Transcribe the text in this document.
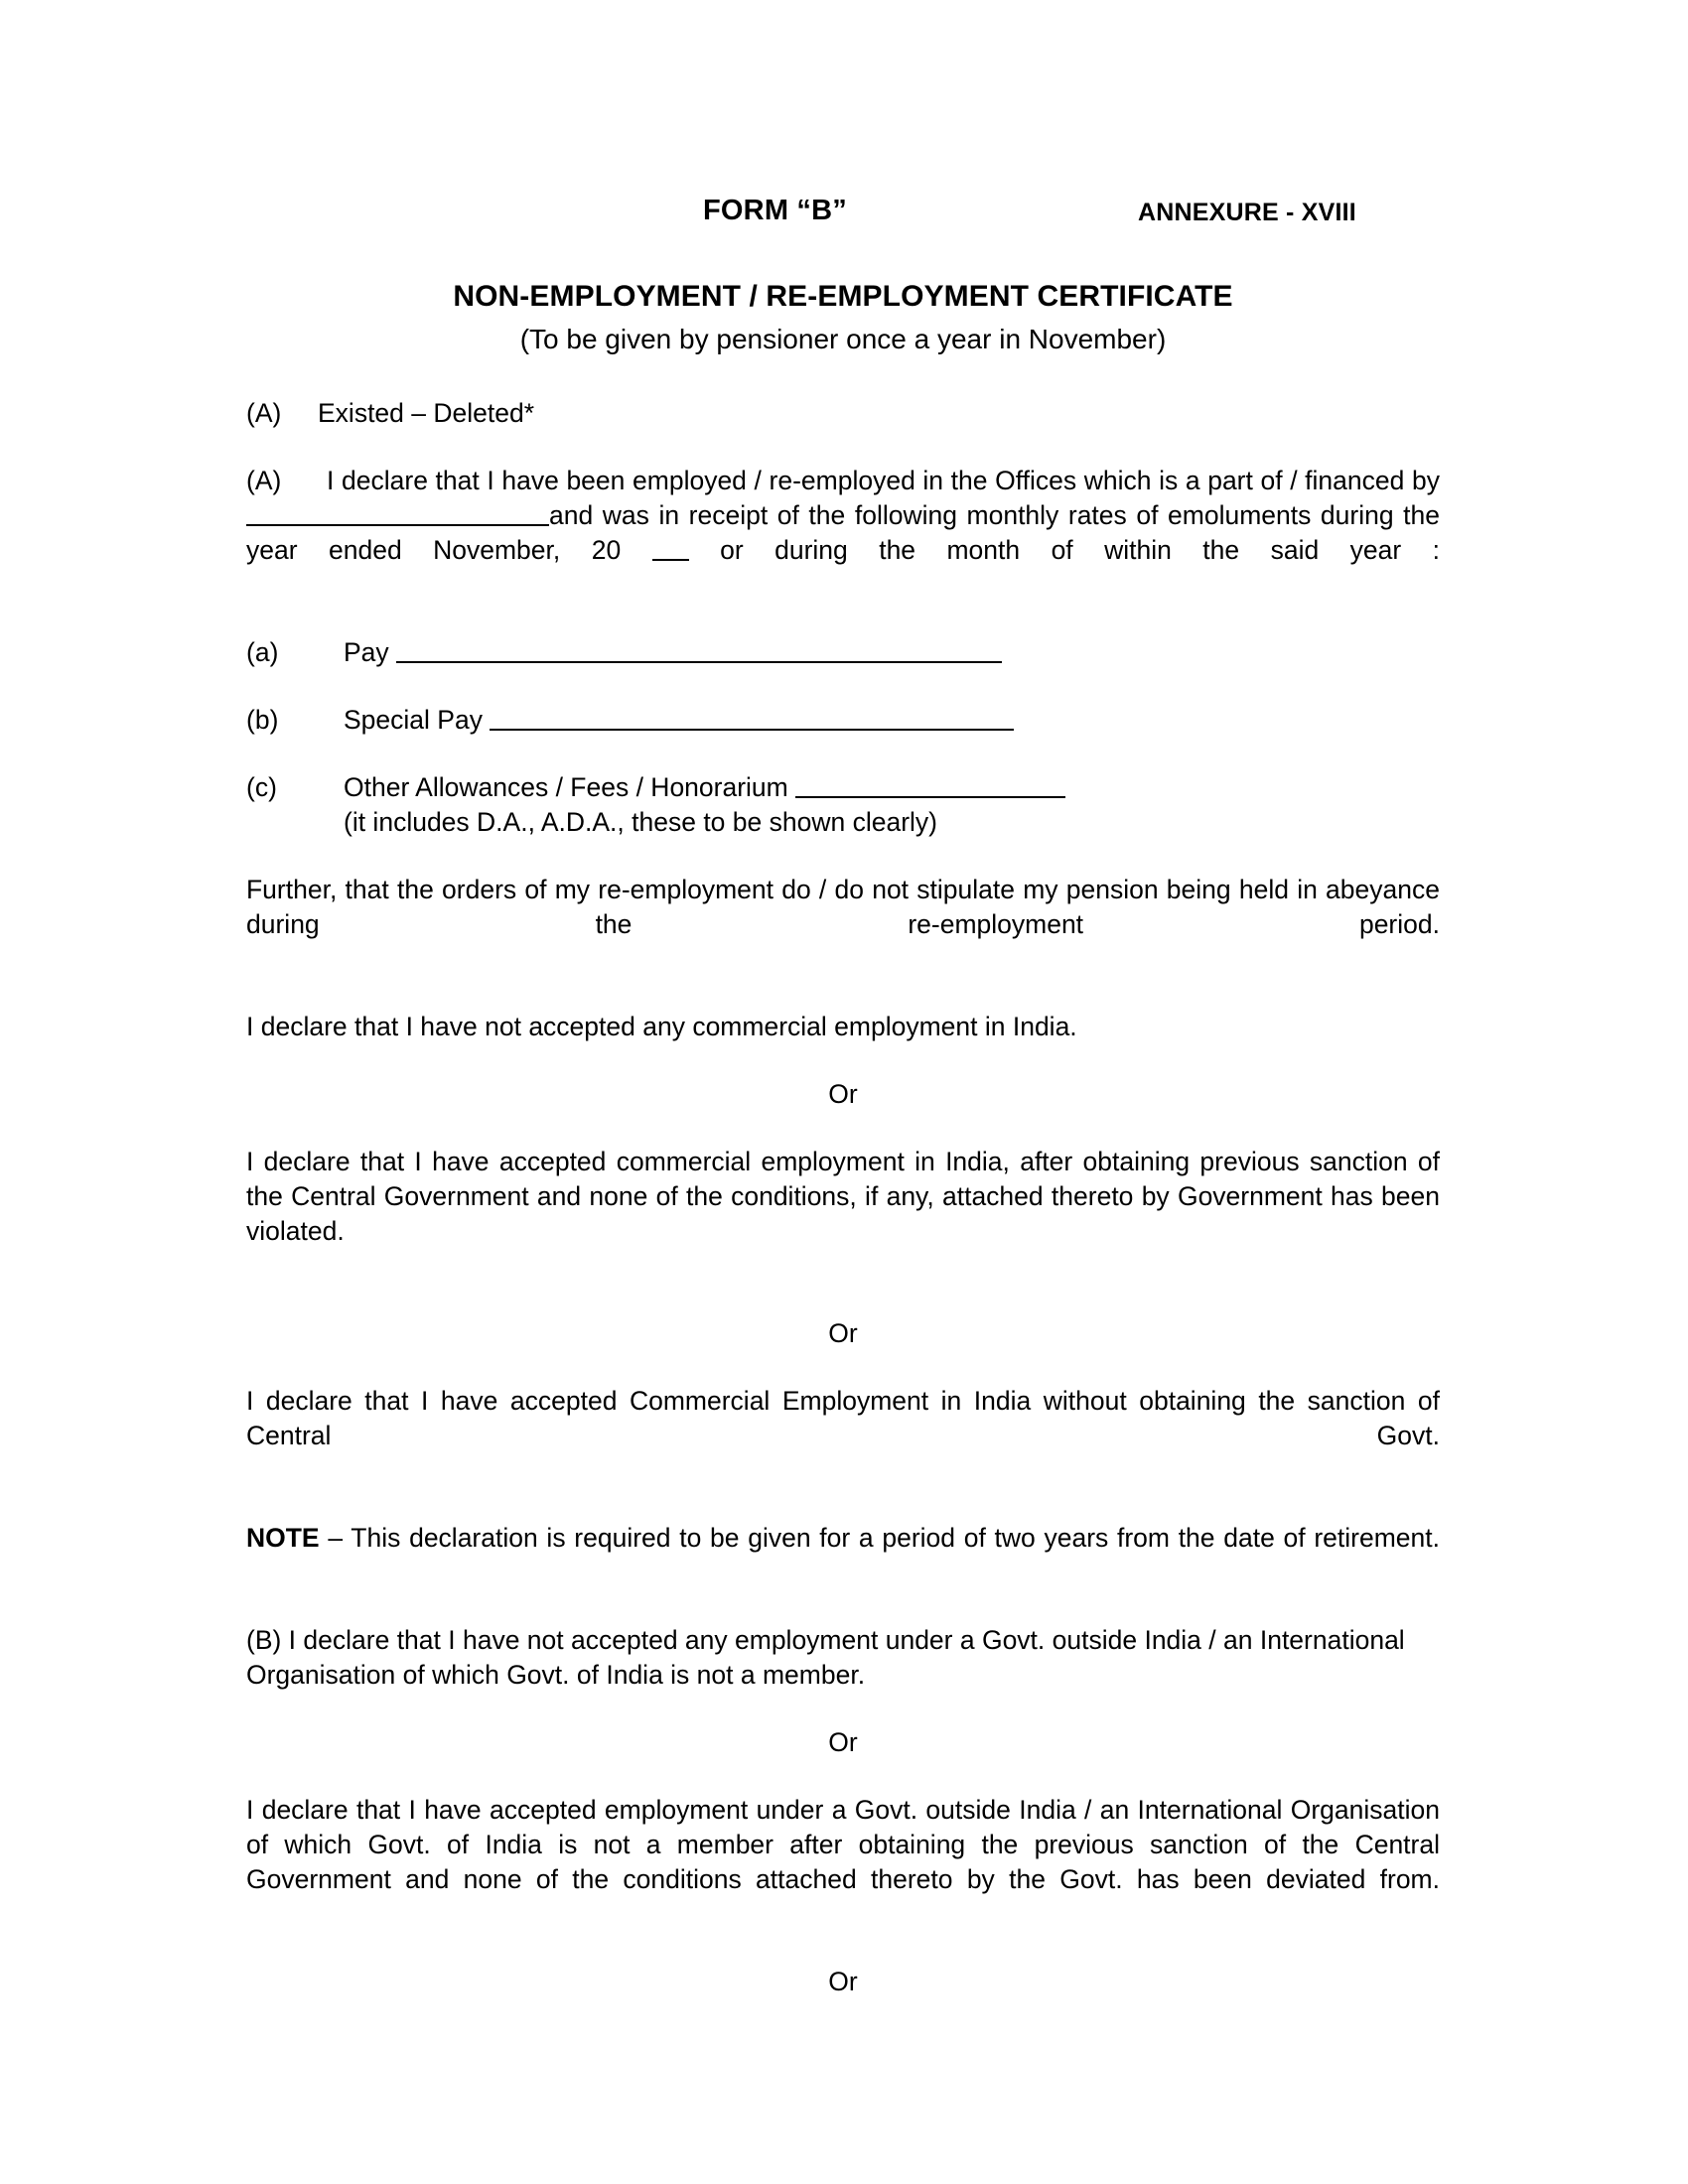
FORM “B”	ANNEXURE - XVIII
NON-EMPLOYMENT / RE-EMPLOYMENT CERTIFICATE
(To be given by pensioner once a year in November)
(A) Existed – Deleted*

(A) I declare that I have been employed / re-employed in the Offices which is a part of / financed by and was in receipt of the following monthly rates of emoluments during the year ended November, 20	or during the month of within the said year :

(a)	Pay
(b)	Special Pay
(c)	Other Allowances / Fees / Honorarium
(it includes D.A., A.D.A., these to be shown clearly)

Further, that the orders of my re-employment do / do not stipulate my pension being held in abeyance during the re-employment period.

I declare that I have not accepted any commercial employment in India.

Or

I declare that I have accepted commercial employment in India, after obtaining previous sanction of the Central Government and none of the conditions, if any, attached thereto by Government has been violated.

Or

I declare that I have accepted Commercial Employment in India without obtaining the sanction of Central Govt.

NOTE – This declaration is required to be given for a period of two years from the date of retirement.

(B) I declare that I have not accepted any employment under a Govt. outside India / an International Organisation of which Govt. of India is not a member.

Or

I declare that I have accepted employment under a Govt. outside India / an International Organisation of which Govt. of India is not a member after obtaining the previous sanction of the Central Government and none of the conditions attached thereto by the Govt. has been deviated from.

Or
